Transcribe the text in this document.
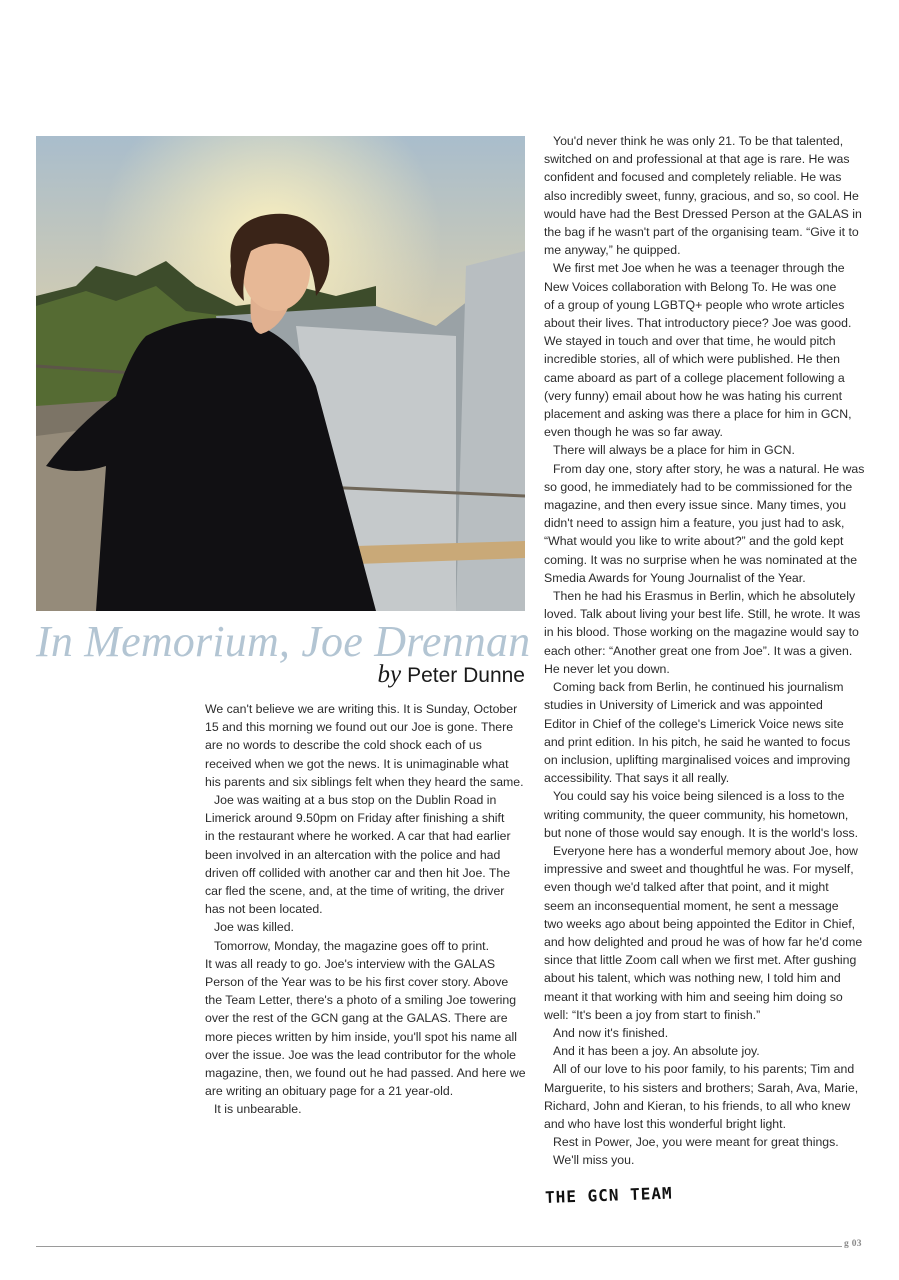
In Memorium, Joe Drennan
by Peter Dunne

We can't believe we are writing this. It is Sunday, October
15 and this morning we found out our Joe is gone. There
are no words to describe the cold shock each of us
received when we got the news. It is unimaginable what
his parents and six siblings felt when they heard the same.

Joe was waiting at a bus stop on the Dublin Road in
Limerick around 9.50pm on Friday after finishing a shift
in the restaurant where he worked. A car that had earlier
been involved in an altercation with the police and had
driven off collided with another car and then hit Joe. The
car fled the scene, and, at the time of writing, the driver
has not been located.

Joe was killed.

Tomorrow, Monday, the magazine goes off to print.
It was all ready to go. Joe's interview with the GALAS
Person of the Year was to be his first cover story. Above
the Team Letter, there's a photo of a smiling Joe towering
over the rest of the GCN gang at the GALAS. There are
more pieces written by him inside, you'll spot his name all
over the issue. Joe was the lead contributor for the whole
magazine, then, we found out he had passed. And here we
are writing an obituary page for a 21 year-old.

It is unbearable.

You'd never think he was only 21. To be that talented,
switched on and professional at that age is rare. He was
confident and focused and completely reliable. He was
also incredibly sweet, funny, gracious, and so, so cool. He
would have had the Best Dressed Person at the GALAS in
the bag if he wasn't part of the organising team. “Give it to
me anyway,” he quipped.

We first met Joe when he was a teenager through the
New Voices collaboration with Belong To. He was one
of a group of young LGBTQ+ people who wrote articles
about their lives. That introductory piece? Joe was good.
We stayed in touch and over that time, he would pitch
incredible stories, all of which were published. He then
came aboard as part of a college placement following a
(very funny) email about how he was hating his current
placement and asking was there a place for him in GCN,
even though he was so far away.

There will always be a place for him in GCN.

From day one, story after story, he was a natural. He was
so good, he immediately had to be commissioned for the
magazine, and then every issue since. Many times, you
didn't need to assign him a feature, you just had to ask,
“What would you like to write about?” and the gold kept
coming. It was no surprise when he was nominated at the
Smedia Awards for Young Journalist of the Year.

Then he had his Erasmus in Berlin, which he absolutely
loved. Talk about living your best life. Still, he wrote. It was
in his blood. Those working on the magazine would say to
each other: “Another great one from Joe”. It was a given.
He never let you down.

Coming back from Berlin, he continued his journalism
studies in University of Limerick and was appointed
Editor in Chief of the college's Limerick Voice news site
and print edition. In his pitch, he said he wanted to focus
on inclusion, uplifting marginalised voices and improving
accessibility. That says it all really.

You could say his voice being silenced is a loss to the
writing community, the queer community, his hometown,
but none of those would say enough. It is the world's loss.

Everyone here has a wonderful memory about Joe, how
impressive and sweet and thoughtful he was. For myself,
even though we'd talked after that point, and it might
seem an inconsequential moment, he sent a message
two weeks ago about being appointed the Editor in Chief,
and how delighted and proud he was of how far he'd come
since that little Zoom call when we first met. After gushing
about his talent, which was nothing new, I told him and
meant it that working with him and seeing him doing so
well: “It's been a joy from start to finish.”

And now it's finished.

And it has been a joy. An absolute joy.

All of our love to his poor family, to his parents; Tim and
Marguerite, to his sisters and brothers; Sarah, Ava, Marie,
Richard, John and Kieran, to his friends, to all who knew
and who have lost this wonderful bright light.

Rest in Power, Joe, you were meant for great things.

We'll miss you.

THE GCN TEAM
g 03
